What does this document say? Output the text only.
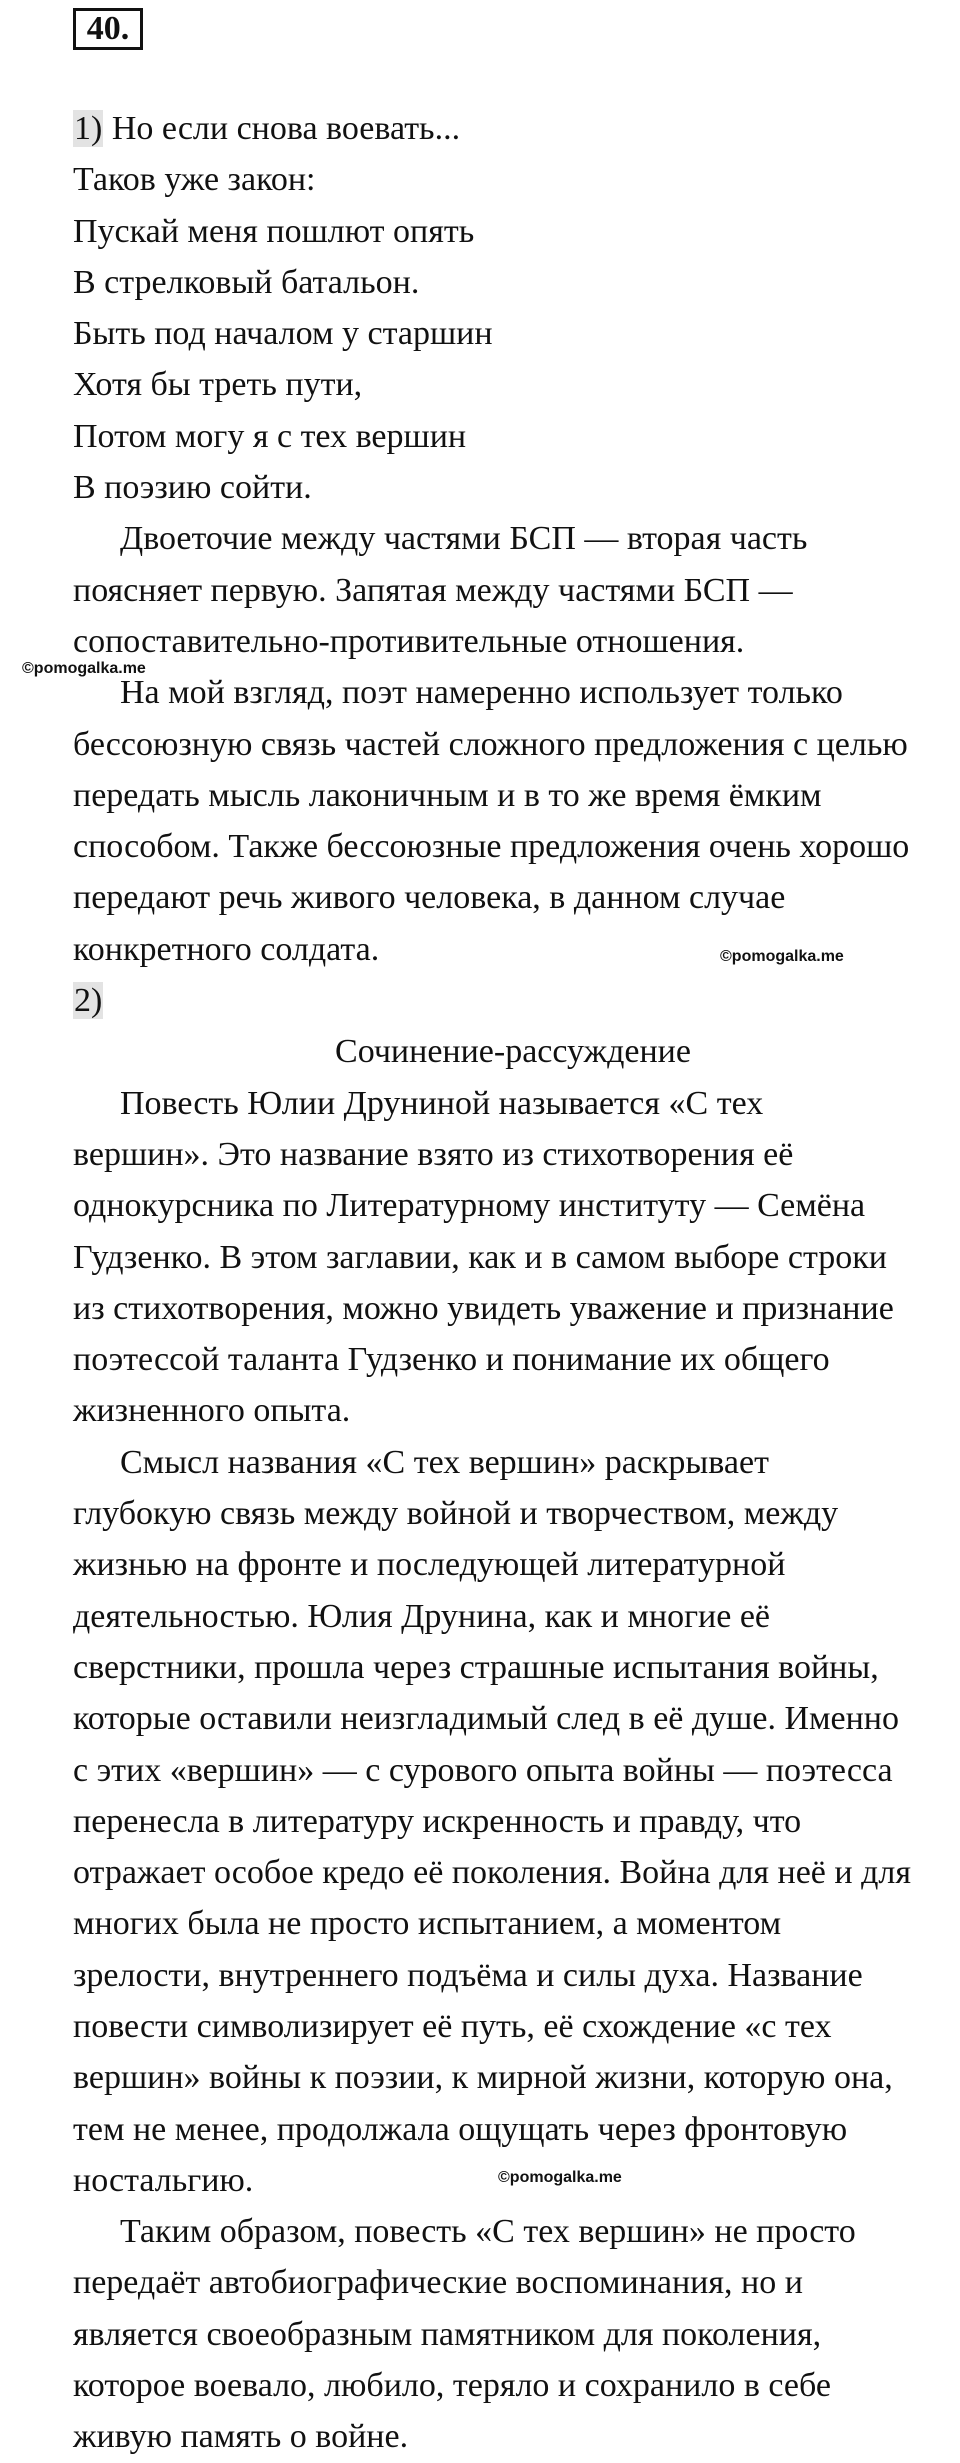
40.
1) Но если снова воевать...
Таков уже закон:
Пускай меня пошлют опять
В стрелковый батальон.
Быть под началом у старшин
Хотя бы треть пути,
Потом могу я с тех вершин
В поэзию сойти.
Двоеточие между частями БСП — вторая часть
поясняет первую. Запятая между частями БСП —
сопоставительно-противительные отношения.
На мой взгляд, поэт намеренно использует только
бессоюзную связь частей сложного предложения с целью
передать мысль лаконичным и в то же время ёмким
способом. Также бессоюзные предложения очень хорошо
передают речь живого человека, в данном случае
конкретного солдата.
2)
Сочинение-рассуждение
Повесть Юлии Друниной называется «С тех
вершин». Это название взято из стихотворения её
однокурсника по Литературному институту — Семёна
Гудзенко. В этом заглавии, как и в самом выборе строки
из стихотворения, можно увидеть уважение и признание
поэтессой таланта Гудзенко и понимание их общего
жизненного опыта.
Смысл названия «С тех вершин» раскрывает
глубокую связь между войной и творчеством, между
жизнью на фронте и последующей литературной
деятельностью. Юлия Друнина, как и многие её
сверстники, прошла через страшные испытания войны,
которые оставили неизгладимый след в её душе. Именно
с этих «вершин» — с сурового опыта войны — поэтесса
перенесла в литературу искренность и правду, что
отражает особое кредо её поколения. Война для неё и для
многих была не просто испытанием, а моментом
зрелости, внутреннего подъёма и силы духа. Название
повести символизирует её путь, её схождение «с тех
вершин» войны к поэзии, к мирной жизни, которую она,
тем не менее, продолжала ощущать через фронтовую
ностальгию.
Таким образом, повесть «С тех вершин» не просто
передаёт автобиографические воспоминания, но и
является своеобразным памятником для поколения,
которое воевало, любило, теряло и сохранило в себе
живую память о войне.
©pomogalka.me
©pomogalka.me
©pomogalka.me
